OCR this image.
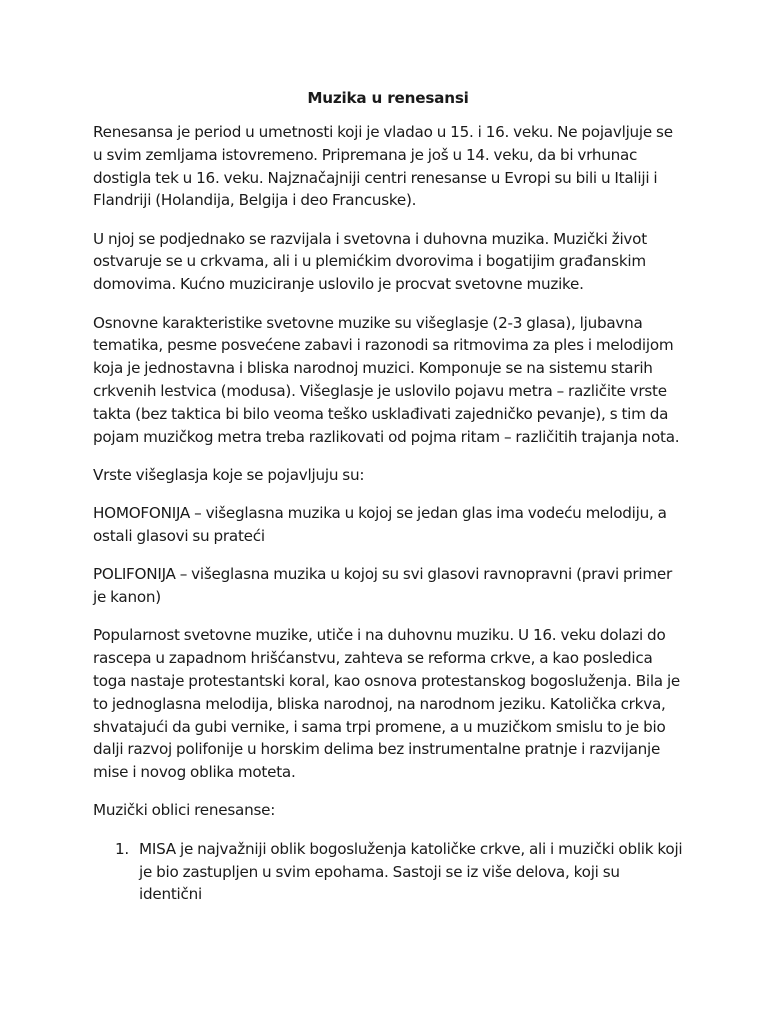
Muzika u renesansi

Renesansa je period u umetnosti koji je vladao u 15. i 16. veku. Ne pojavljuje se u svim zemljama istovremeno. Pripremana je još u 14. veku, da bi vrhunac dostigla tek u 16. veku. Najznačajniji centri renesanse u Evropi su bili u Italiji i Flandriji (Holandija, Belgija i deo Francuske).

U njoj se podjednako se razvijala i svetovna i duhovna muzika. Muzički život ostvaruje se u crkvama, ali i u plemićkim dvorovima i bogatijim građanskim domovima. Kućno muziciranje uslovilo je procvat svetovne muzike.

Osnovne karakteristike svetovne muzike su višeglasje (2-3 glasa), ljubavna tematika, pesme posvećene zabavi i razonodi sa ritmovima za ples i melodijom koja je jednostavna i bliska narodnoj muzici. Komponuje se na sistemu starih crkvenih lestvica (modusa). Višeglasje je uslovilo pojavu metra – različite vrste takta (bez taktica bi bilo veoma teško usklađivati zajedničko pevanje), s tim da pojam muzičkog metra treba razlikovati od pojma ritam – različitih trajanja nota.

Vrste višeglasja koje se pojavljuju su:

HOMOFONIJA – višeglasna muzika u kojoj se jedan glas ima vodeću melodiju, a ostali glasovi su prateći

POLIFONIJA – višeglasna muzika u kojoj su svi glasovi ravnopravni (pravi primer je kanon)

Popularnost svetovne muzike, utiče i na duhovnu muziku. U 16. veku dolazi do rascepa u zapadnom hrišćanstvu, zahteva se reforma crkve, a kao posledica toga nastaje protestantski koral, kao osnova protestanskog bogosluženja. Bila je to jednoglasna melodija, bliska narodnoj, na narodnom jeziku. Katolička crkva, shvatajući da gubi vernike, i sama trpi promene, a u muzičkom smislu to je bio dalji razvoj polifonije u horskim delima bez instrumentalne pratnje i razvijanje mise i novog oblika moteta.

Muzički oblici renesanse:

1. MISA je najvažniji oblik bogosluženja katoličke crkve, ali i muzički oblik koji je bio zastupljen u svim epohama. Sastoji se iz više delova, koji su identični
